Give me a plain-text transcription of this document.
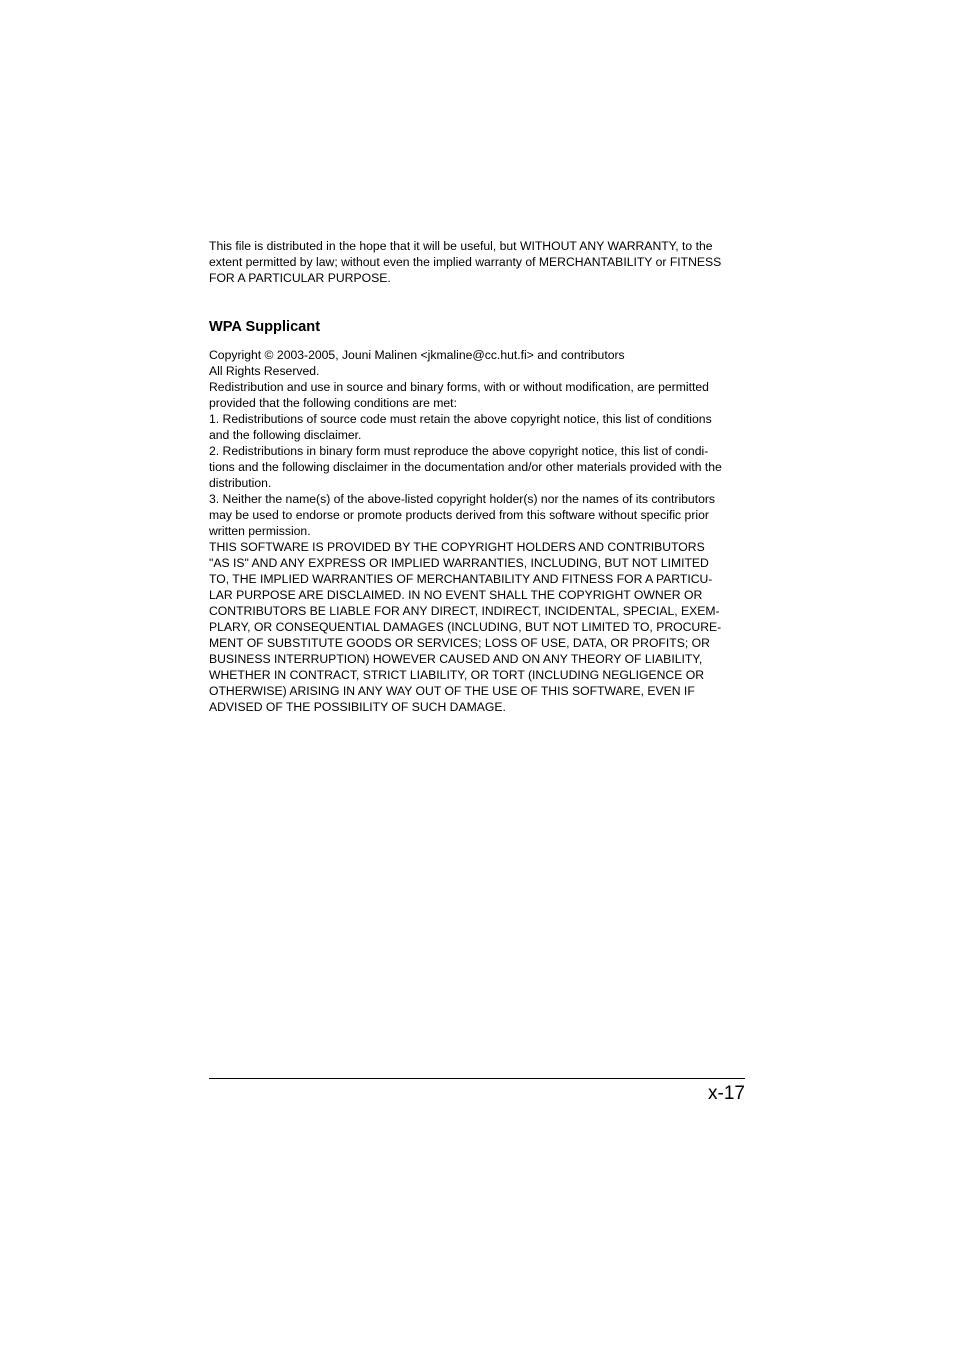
This file is distributed in the hope that it will be useful, but WITHOUT ANY WARRANTY, to the
extent permitted by law; without even the implied warranty of MERCHANTABILITY or FITNESS
FOR A PARTICULAR PURPOSE.

WPA Supplicant

Copyright © 2003-2005, Jouni Malinen <jkmaline@cc.hut.fi> and contributors
All Rights Reserved.
Redistribution and use in source and binary forms, with or without modification, are permitted
provided that the following conditions are met:
1. Redistributions of source code must retain the above copyright notice, this list of conditions
and the following disclaimer.
2. Redistributions in binary form must reproduce the above copyright notice, this list of condi-
tions and the following disclaimer in the documentation and/or other materials provided with the
distribution.
3. Neither the name(s) of the above-listed copyright holder(s) nor the names of its contributors
may be used to endorse or promote products derived from this software without specific prior
written permission.
THIS SOFTWARE IS PROVIDED BY THE COPYRIGHT HOLDERS AND CONTRIBUTORS
"AS IS" AND ANY EXPRESS OR IMPLIED WARRANTIES, INCLUDING, BUT NOT LIMITED
TO, THE IMPLIED WARRANTIES OF MERCHANTABILITY AND FITNESS FOR A PARTICU-
LAR PURPOSE ARE DISCLAIMED. IN NO EVENT SHALL THE COPYRIGHT OWNER OR
CONTRIBUTORS BE LIABLE FOR ANY DIRECT, INDIRECT, INCIDENTAL, SPECIAL, EXEM-
PLARY, OR CONSEQUENTIAL DAMAGES (INCLUDING, BUT NOT LIMITED TO, PROCURE-
MENT OF SUBSTITUTE GOODS OR SERVICES; LOSS OF USE, DATA, OR PROFITS; OR
BUSINESS INTERRUPTION) HOWEVER CAUSED AND ON ANY THEORY OF LIABILITY,
WHETHER IN CONTRACT, STRICT LIABILITY, OR TORT (INCLUDING NEGLIGENCE OR
OTHERWISE) ARISING IN ANY WAY OUT OF THE USE OF THIS SOFTWARE, EVEN IF
ADVISED OF THE POSSIBILITY OF SUCH DAMAGE.

x-17
